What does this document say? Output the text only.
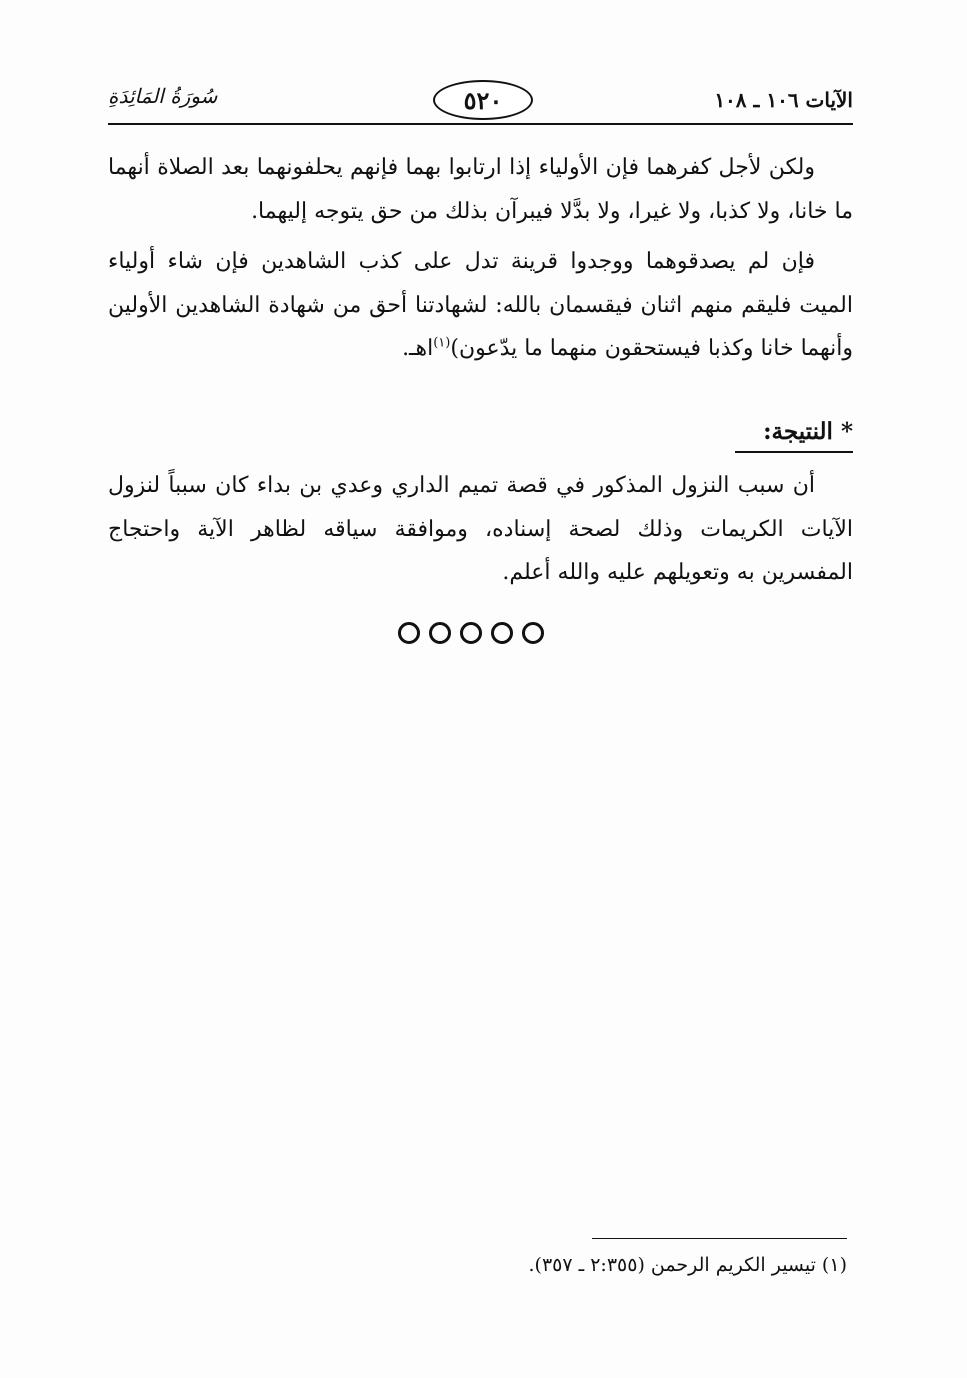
سُورَةُ المَائِدَةِ	٥٢٠	الآيات ١٠٦ ـ ١٠٨

ولكن لأجل كفرهما فإن الأولياء إذا ارتابوا بهما فإنهم يحلفونهما بعد الصلاة أنهما ما خانا، ولا كذبا، ولا غيرا، ولا بدَّلا فيبرآن بذلك من حق يتوجه إليهما.

فإن لم يصدقوهما ووجدوا قرينة تدل على كذب الشاهدين فإن شاء أولياء الميت فليقم منهم اثنان فيقسمان بالله: لشهادتنا أحق من شهادة الشاهدين الأولين وأنهما خانا وكذبا فيستحقون منهما ما يدّعون)$^{(١)}$اهـ.

* النتيجة:

أن سبب النزول المذكور في قصة تميم الداري وعدي بن بداء كان سبباً لنزول الآيات الكريمات وذلك لصحة إسناده، وموافقة سياقه لظاهر الآية واحتجاج المفسرين به وتعويلهم عليه والله أعلم.

(١) تيسير الكريم الرحمن (٢:٣٥٥ ـ ٣٥٧).
